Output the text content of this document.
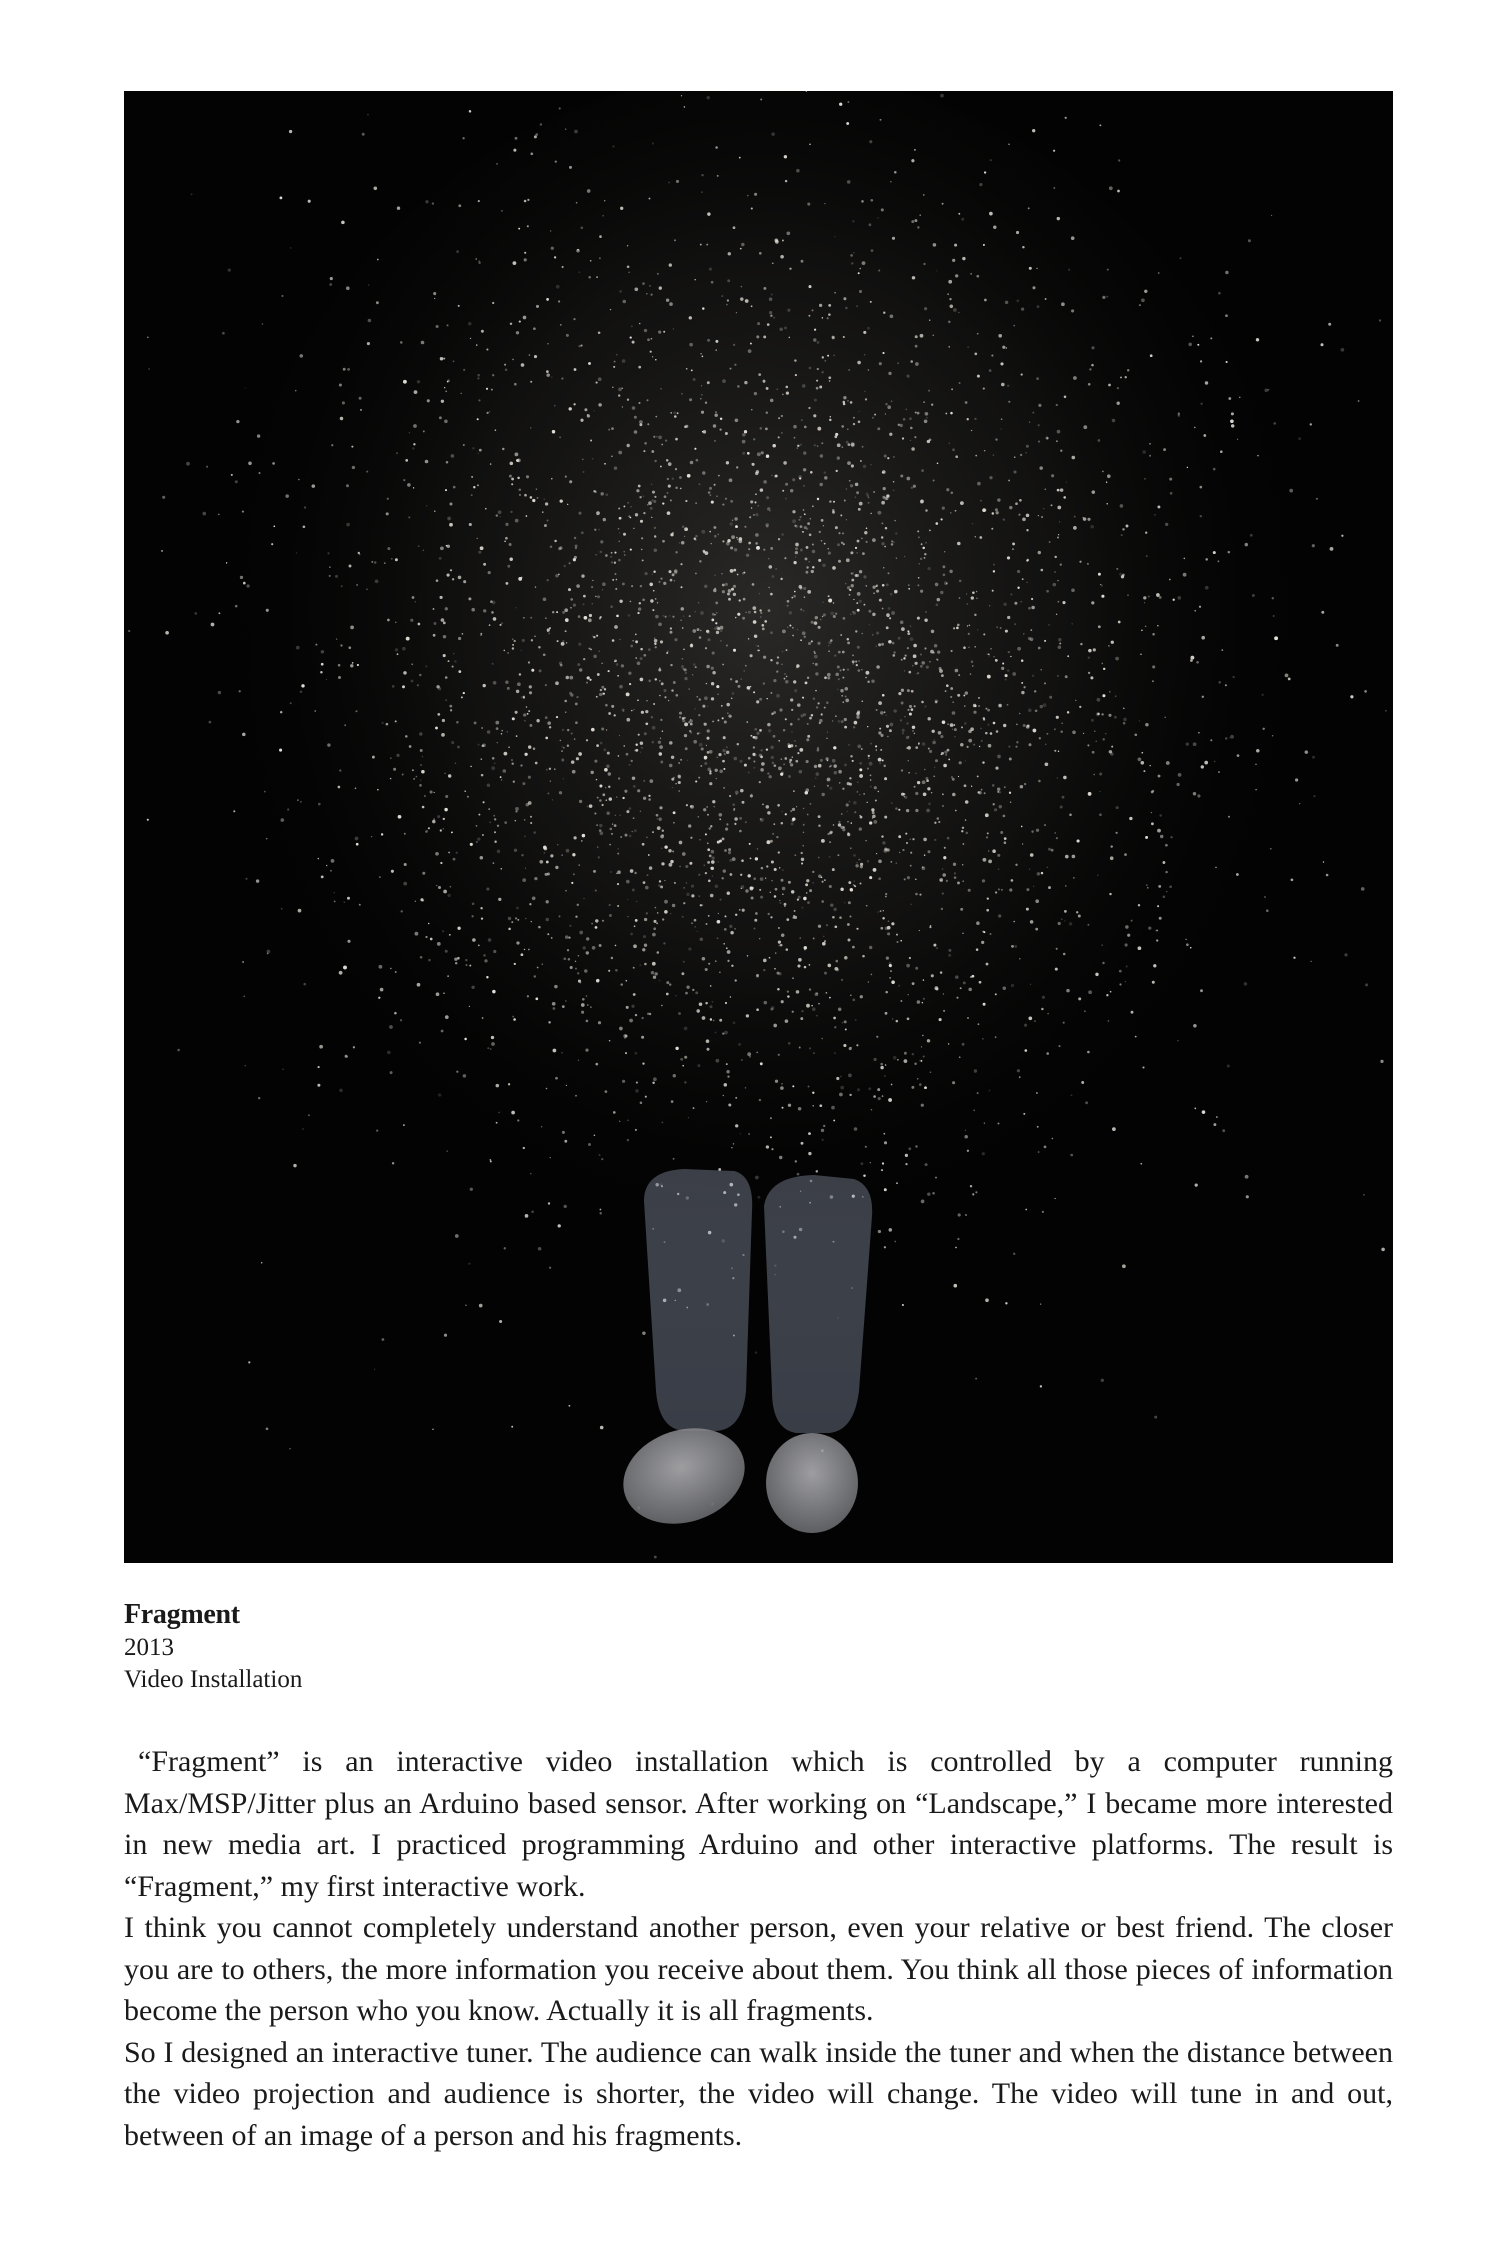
Fragment
2013
Video Installation

“Fragment” is an interactive video installation which is controlled by a computer running Max/MSP/Jitter plus an Arduino based sensor. After working on “Landscape,” I became more interested in new media art. I practiced programming Arduino and other interactive platforms. The result is “Fragment,” my first interactive work.

I think you cannot completely understand another person, even your relative or best friend. The closer you are to others, the more information you receive about them. You think all those pieces of information become the person who you know. Actually it is all fragments.

So I designed an interactive tuner. The audience can walk inside the tuner and when the distance between the video projection and audience is shorter, the video will change. The video will tune in and out, between of an image of a person and his fragments.
